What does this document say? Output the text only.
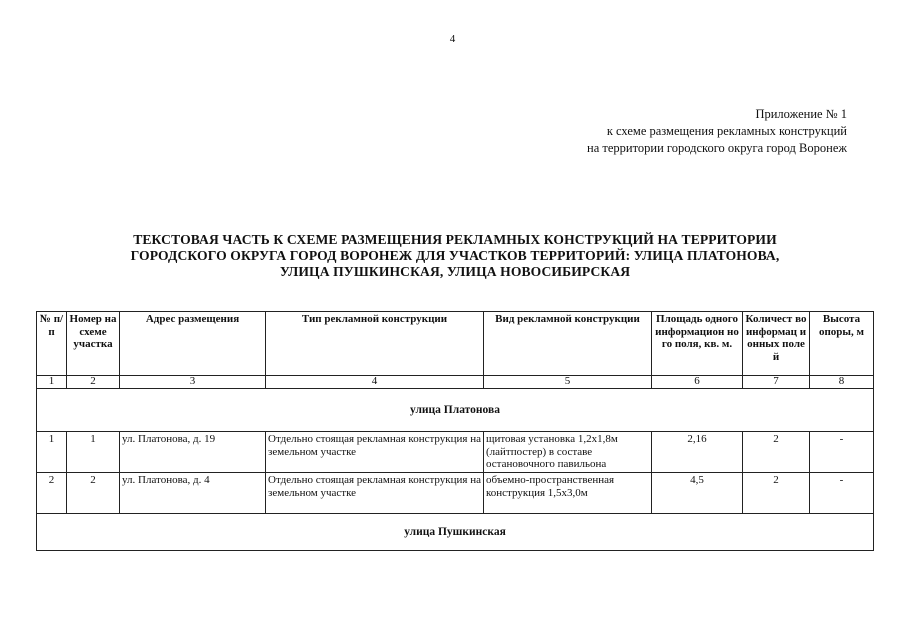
4
Приложение № 1
к схеме размещения рекламных конструкций
на территории городского округа город Воронеж
ТЕКСТОВАЯ ЧАСТЬ К СХЕМЕ РАЗМЕЩЕНИЯ РЕКЛАМНЫХ КОНСТРУКЦИЙ НА ТЕРРИТОРИИ
ГОРОДСКОГО ОКРУГА ГОРОД ВОРОНЕЖ ДЛЯ УЧАСТКОВ ТЕРРИТОРИЙ: УЛИЦА ПЛАТОНОВА,
УЛИЦА ПУШКИНСКАЯ, УЛИЦА НОВОСИБИРСКАЯ
№ п/п	Номер на схеме участка	Адрес размещения	Тип рекламной конструкции	Вид рекламной конструкции	Площадь одного информацион ного поля, кв. м.	Количест во информац ионных полей	Высота опоры, м
1	2	3	4	5	6	7	8
улица Платонова							
1	1	ул. Платонова, д. 19	Отдельно стоящая рекламная конструкция на земельном участке	щитовая установка 1,2х1,8м (лайтпостер) в составе остановочного павильона	2,16	2	-
2	2	ул. Платонова, д. 4	Отдельно стоящая рекламная конструкция на земельном участке	объемно-пространственная конструкция 1,5х3,0м	4,5	2	-
улица Пушкинская							
